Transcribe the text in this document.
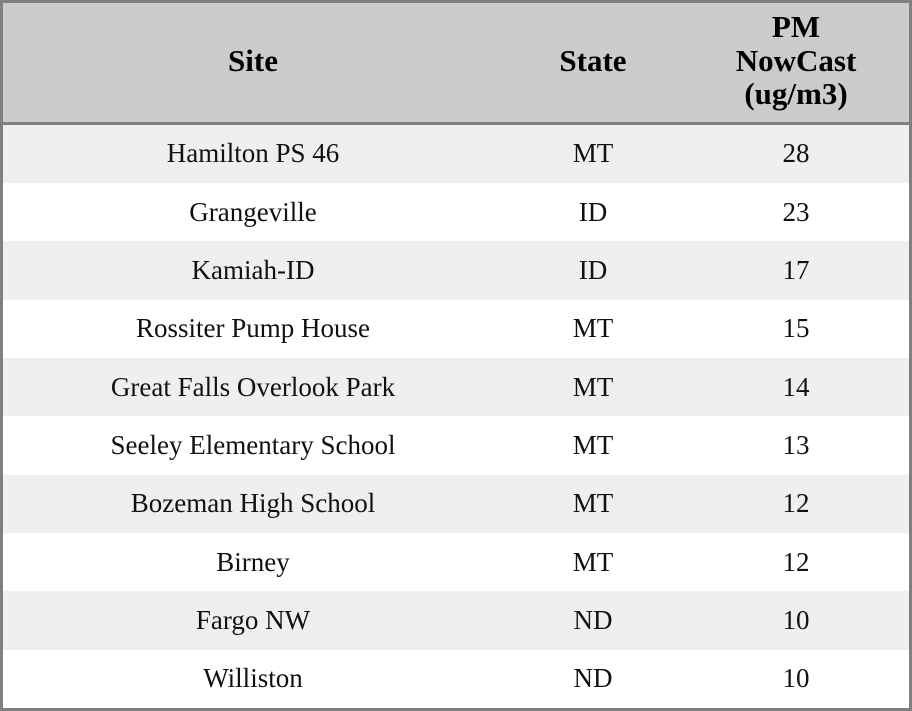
Site	State	PM
NowCast
(ug/m3)

Hamilton PS 46	MT	28
Grangeville	ID	23
Kamiah-ID	ID	17
Rossiter Pump House	MT	15
Great Falls Overlook Park	MT	14
Seeley Elementary School	MT	13
Bozeman High School	MT	12
Birney	MT	12
Fargo NW	ND	10
Williston	ND	10
